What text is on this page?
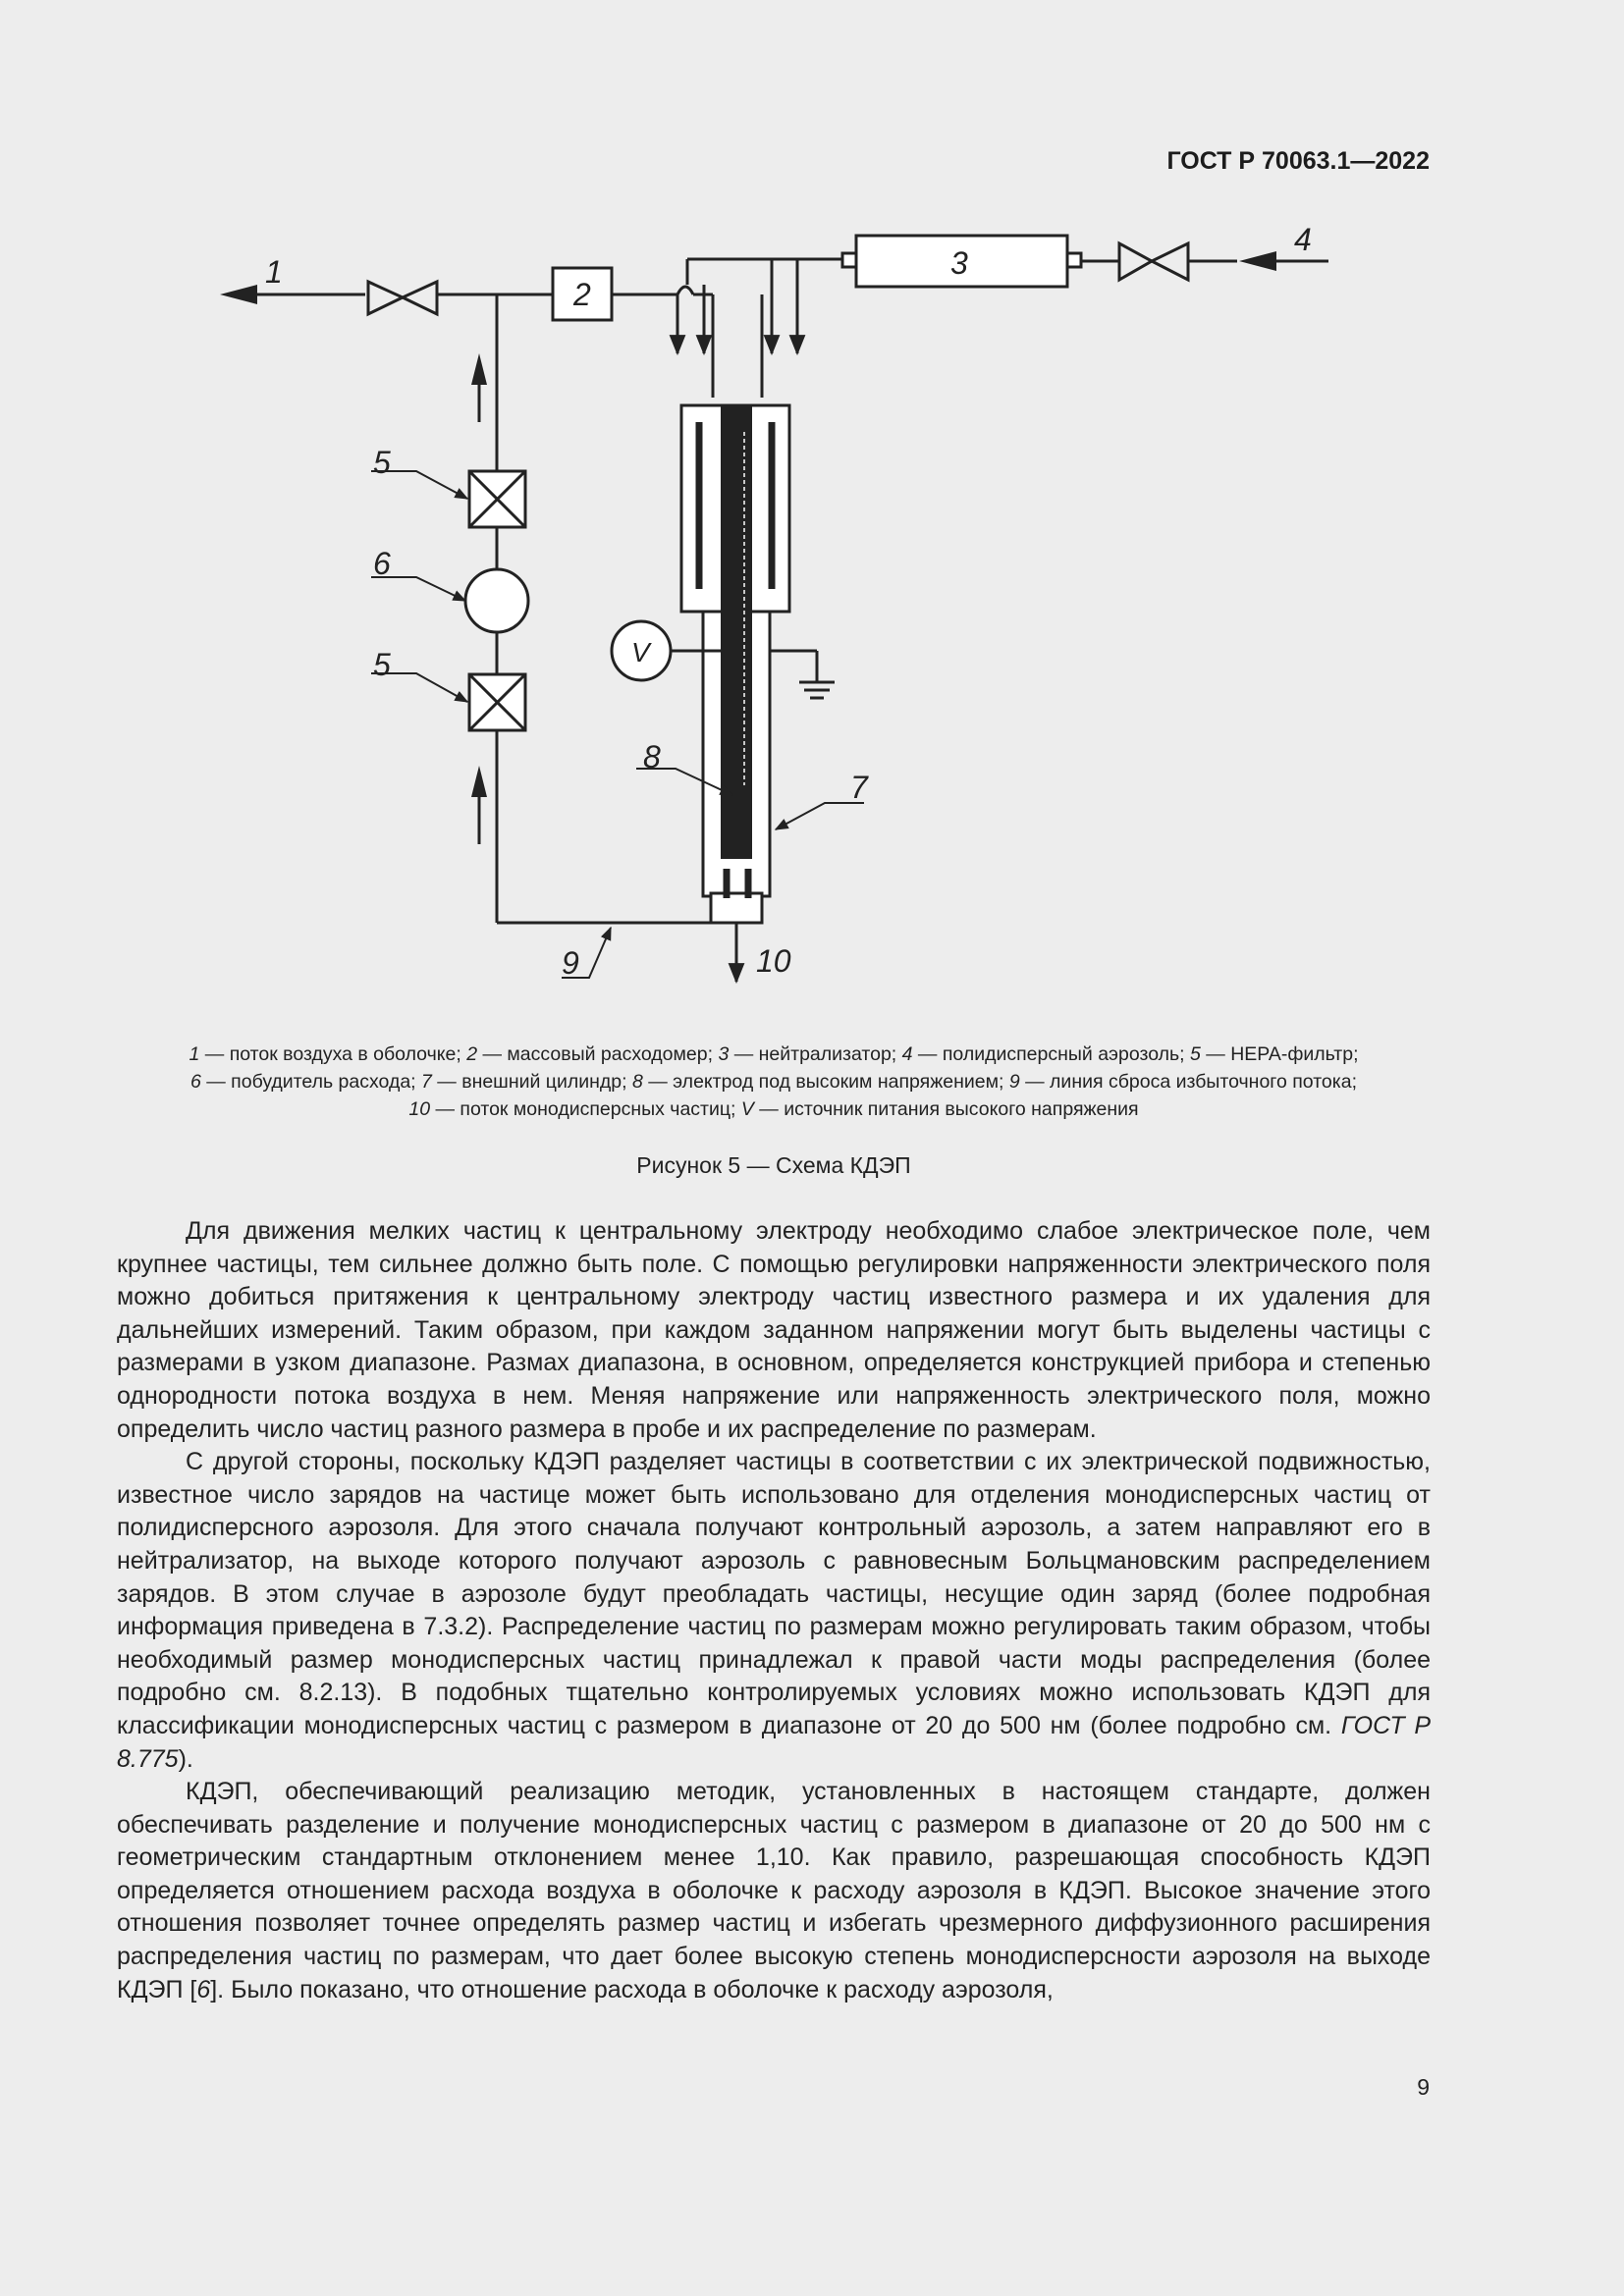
ГОСТ Р 70063.1—2022
1
2
3
4
5
6
5
7
8
9	10
V
1 — поток воздуха в оболочке; 2 — массовый расходомер; 3 — нейтрализатор; 4 — полидисперсный аэрозоль; 5 — HEPA-фильтр;
6 — побудитель расхода; 7 — внешний цилиндр; 8 — электрод под высоким напряжением; 9 — линия сброса избыточного потока;
10 — поток монодисперсных частиц; V — источник питания высокого напряжения
Рисунок 5 — Схема КДЭП

Для движения мелких частиц к центральному электроду необходимо слабое электрическое поле, чем крупнее частицы, тем сильнее должно быть поле. С помощью регулировки напряженности электрического поля можно добиться притяжения к центральному электроду частиц известного размера и их удаления для дальнейших измерений. Таким образом, при каждом заданном напряжении могут быть выделены частицы с размерами в узком диапазоне. Размах диапазона, в основном, определяется конструкцией прибора и степенью однородности потока воздуха в нем. Меняя напряжение или напряженность электрического поля, можно определить число частиц разного размера в пробе и их распределение по размерам.

С другой стороны, поскольку КДЭП разделяет частицы в соответствии с их электрической подвижностью, известное число зарядов на частице может быть использовано для отделения монодисперсных частиц от полидисперсного аэрозоля. Для этого сначала получают контрольный аэрозоль, а затем направляют его в нейтрализатор, на выходе которого получают аэрозоль с равновесным Больцмановским распределением зарядов. В этом случае в аэрозоле будут преобладать частицы, несущие один заряд (более подробная информация приведена в 7.3.2). Распределение частиц по размерам можно регулировать таким образом, чтобы необходимый размер монодисперсных частиц принадлежал к правой части моды распределения (более подробно см. 8.2.13). В подобных тщательно контролируемых условиях можно использовать КДЭП для классификации монодисперсных частиц с размером в диапазоне от 20 до 500 нм (более подробно см. ГОСТ Р 8.775).

КДЭП, обеспечивающий реализацию методик, установленных в настоящем стандарте, должен обеспечивать разделение и получение монодисперсных частиц с размером в диапазоне от 20 до 500 нм с геометрическим стандартным отклонением менее 1,10. Как правило, разрешающая способность КДЭП определяется отношением расхода воздуха в оболочке к расходу аэрозоля в КДЭП. Высокое значение этого отношения позволяет точнее определять размер частиц и избегать чрезмерного диффузионного расширения распределения частиц по размерам, что дает более высокую степень монодисперсности аэрозоля на выходе КДЭП [6]. Было показано, что отношение расхода в оболочке к расходу аэрозоля,

9
